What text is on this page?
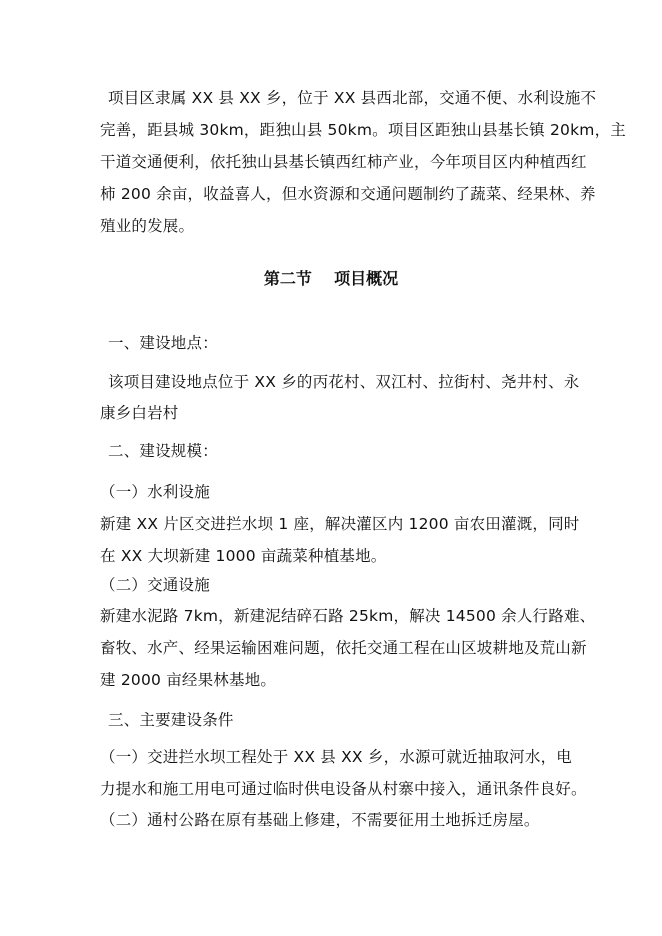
项目区隶属 XX 县 XX 乡，位于 XX 县西北部，交通不便、水利设施不
完善，距县城 30km，距独山县 50km。项目区距独山县基长镇 20km，主
干道交通便利，依托独山县基长镇西红柿产业，今年项目区内种植西红
柿 200 余亩，收益喜人，但水资源和交通问题制约了蔬菜、经果林、养
殖业的发展。
第二节    项目概况
一、建设地点：
该项目建设地点位于 XX 乡的丙花村、双江村、拉街村、尧井村、永
康乡白岩村
二、建设规模：
（一）水利设施
新建 XX 片区交进拦水坝 1 座，解决灌区内 1200 亩农田灌溉，同时
在 XX 大坝新建 1000 亩蔬菜种植基地。
（二）交通设施
新建水泥路 7km，新建泥结碎石路 25km，解决 14500 余人行路难、
畜牧、水产、经果运输困难问题，依托交通工程在山区坡耕地及荒山新
建 2000 亩经果林基地。
三、主要建设条件
（一）交进拦水坝工程处于 XX 县 XX 乡，水源可就近抽取河水，电
力提水和施工用电可通过临时供电设备从村寨中接入，通讯条件良好。
（二）通村公路在原有基础上修建，不需要征用土地拆迁房屋。
